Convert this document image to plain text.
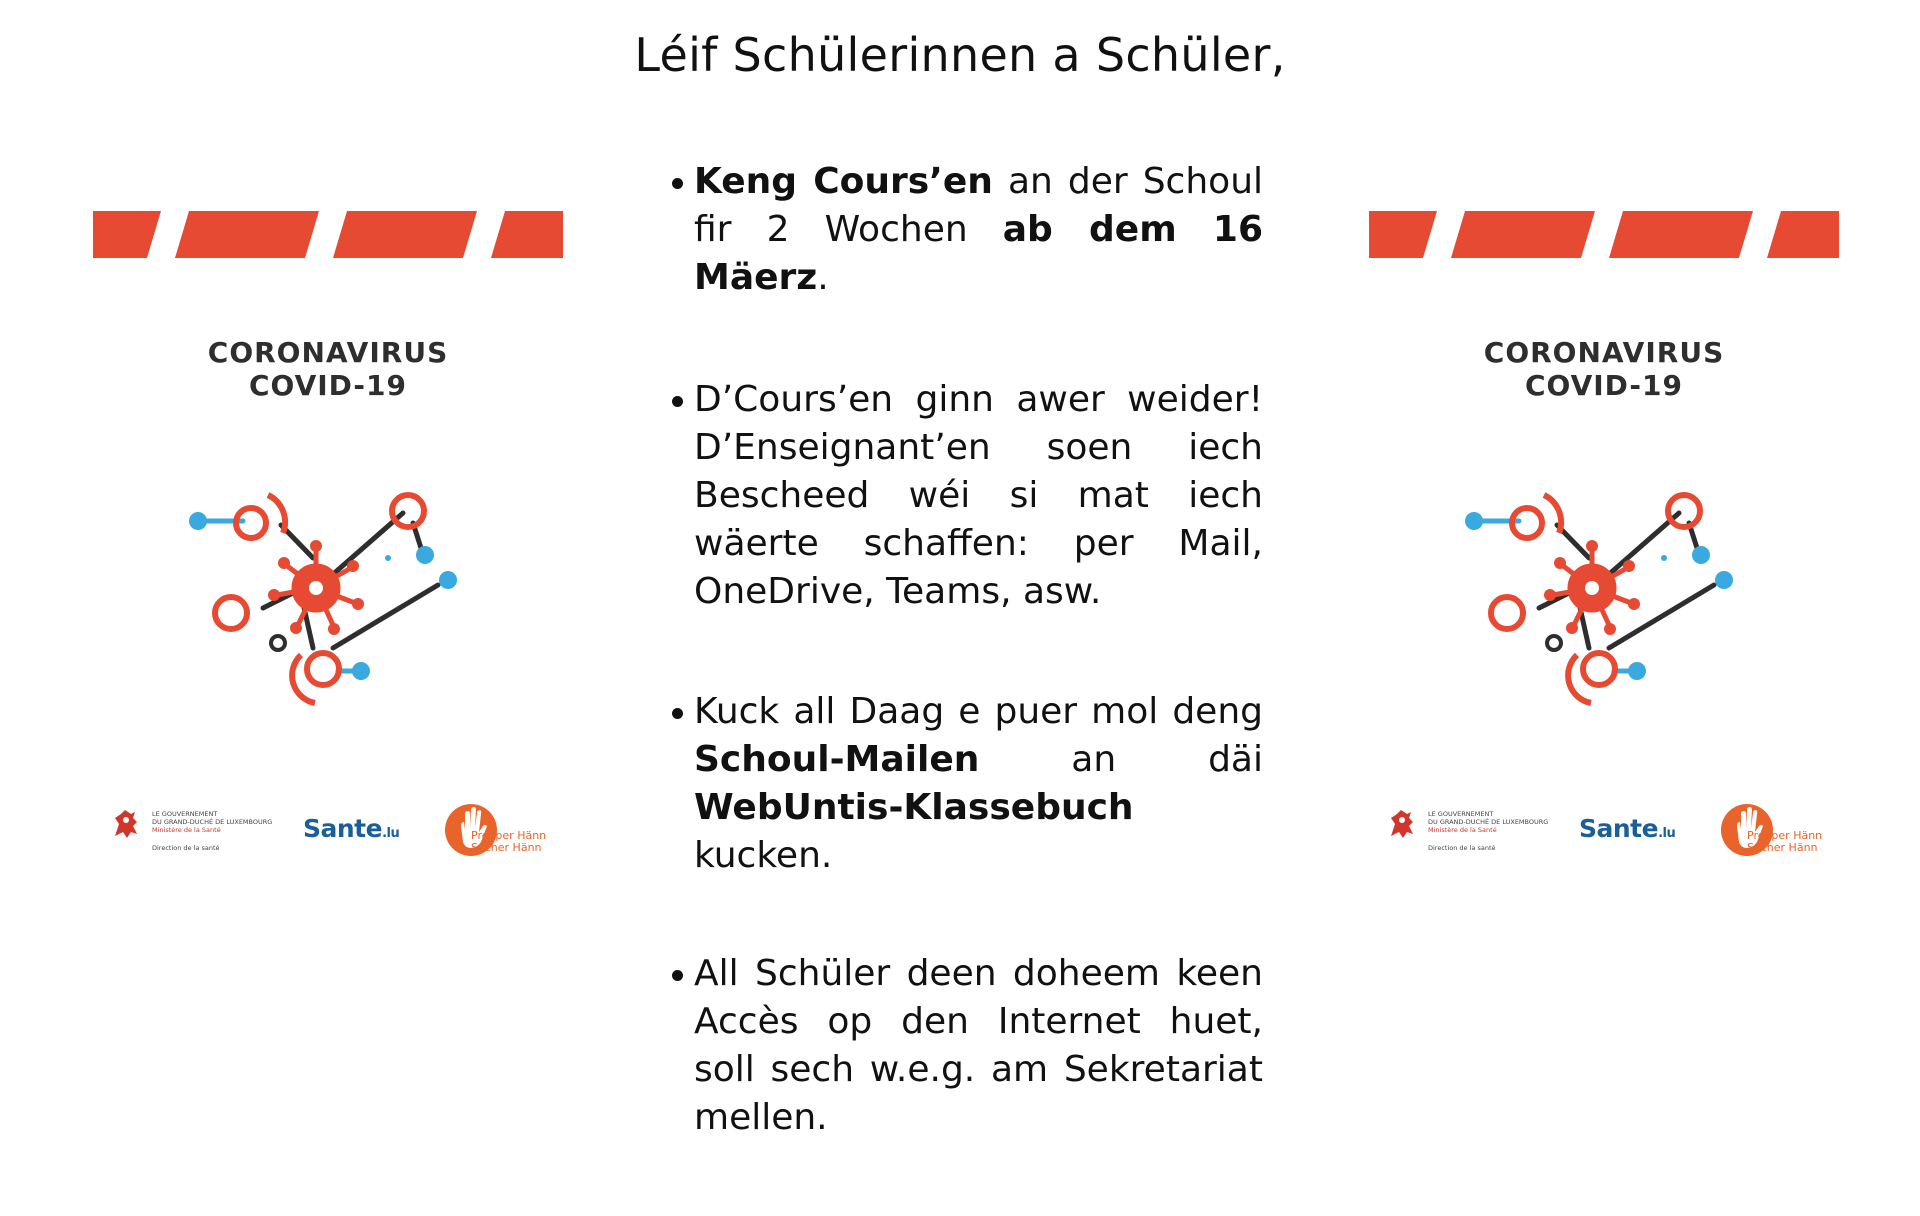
Léif Schülerinnen a Schüler,
Keng Cours’en an der Schoul fir 2 Wochen ab dem 16 Mäerz.
D’Cours’en ginn awer weider! D’Enseignant’en soen iech Bescheed wéi si mat iech wäerte schaffen: per Mail, OneDrive, Teams, asw.
Kuck all Daag e puer mol deng Schoul-Mailen an däi WebUntis-Klassebuch kucken.
All Schüler deen doheem keen Accès op den Internet huet, soll sech w.e.g. am Sekretariat mellen.
CORONAVIRUS
COVID-19
LE GOUVERNEMENT
DU GRAND-DUCHÉ DE LUXEMBOURG
Ministère de la Santé
Direction de la santé
Sante.lu	Propper Hänn
Sécher Hänn
CORONAVIRUS
COVID-19
LE GOUVERNEMENT
DU GRAND-DUCHÉ DE LUXEMBOURG
Ministère de la Santé
Direction de la santé
Sante.lu	Propper Hänn
Sécher Hänn
